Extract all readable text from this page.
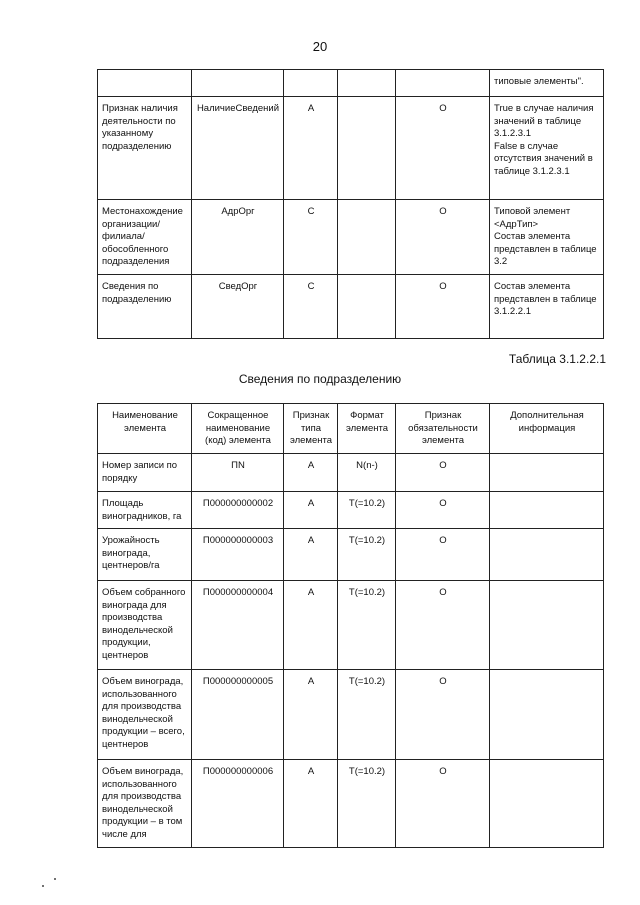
20

					типовые элементы".

Признак наличия деятельности по указанному подразделению	НаличиеСведений	А		О	True в случае наличия значений в таблице 3.1.2.3.1
False в случае отсутствия значений в таблице 3.1.2.3.1

Местонахождение организации/ филиала/ обособленного подразделения	АдрОрг	С		О	Типовой элемент <АдрТип>
Состав элемента представлен в таблице 3.2

Сведения по подразделению	СведОрг	С		О	Состав элемента представлен в таблице 3.1.2.2.1
Таблица 3.1.2.2.1
Сведения по подразделению
Наименование элемента	Сокращенное наименование (код) элемента	Признак типа элемента	Формат элемента	Признак обязательности элемента	Дополнительная информация
Номер записи по порядку	ПN	А	N(n-)	О	
Площадь виноградников, га	П000000000002	А	Т(=10.2)	О	
Урожайность винограда, центнеров/га	П000000000003	А	Т(=10.2)	О	
Объем собранного винограда для производства винодельческой продукции, центнеров	П000000000004	А	Т(=10.2)	О	
Объем винограда, использованного для производства винодельческой продукции – всего, центнеров	П000000000005	А	Т(=10.2)	О	
Объем винограда, использованного для производства винодельческой продукции – в том числе для	П000000000006	А	Т(=10.2)	О	
